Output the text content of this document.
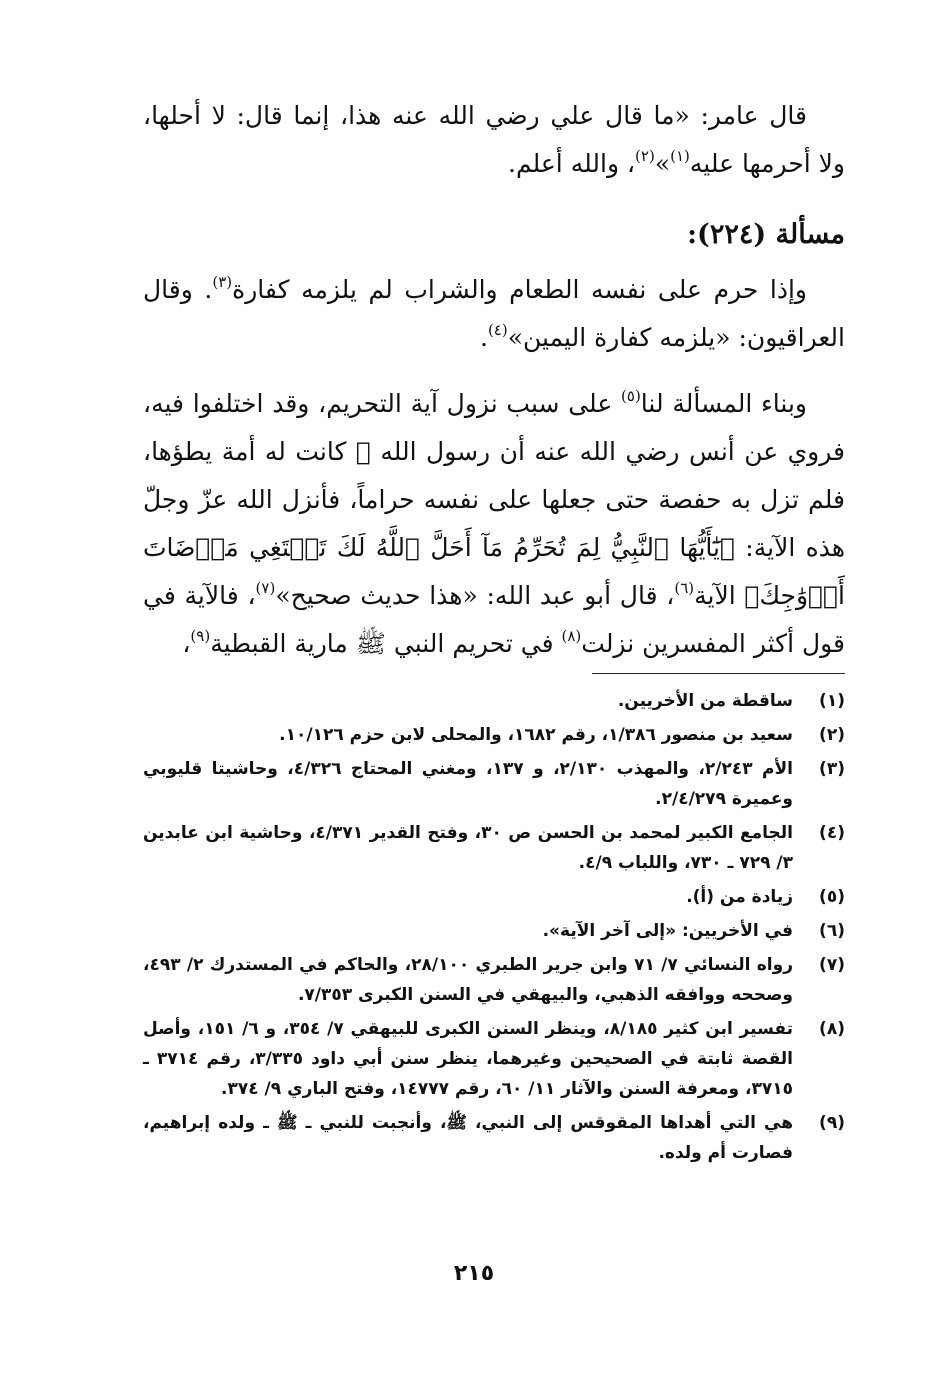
قال عامر: «ما قال علي رضي الله عنه هذا، إنما قال: لا أحلها، ولا أحرمها عليه$^{(١)}$»$^{(٢)}$، والله أعلم.

مسألة (٢٢٤):

وإذا حرم على نفسه الطعام والشراب لم يلزمه كفارة$^{(٣)}$. وقال العراقيون: «يلزمه كفارة اليمين»$^{(٤)}$.

وبناء المسألة لنا$^{(٥)}$ على سبب نزول آية التحريم، وقد اختلفوا فيه، فروي عن أنس رضي الله عنه أن رسول الله ﷺ كانت له أمة يطؤها، فلم تزل به حفصة حتى جعلها على نفسه حراماً، فأنزل الله عزّ وجلّ هذه الآية: ﴿يَٰٓأَيُّهَا ٱلنَّبِيُّ لِمَ تُحَرِّمُ مَآ أَحَلَّ ٱللَّهُ لَكَ تَبۡتَغِي مَرۡضَاتَ أَزۡوَٰجِكَ﴾ الآية$^{(٦)}$، قال أبو عبد الله: «هذا حديث صحيح»$^{(٧)}$، فالآية في قول أكثر المفسرين نزلت$^{(٨)}$ في تحريم النبي ﷺ مارية القبطية$^{(٩)}$،

(١)
ساقطة من الأخريين.
(٢)
سعيد بن منصور ١/٣٨٦، رقم ١٦٨٢، والمحلى لابن حزم ١٠/١٢٦.
(٣)
الأم ٢/٢٤٣، والمهذب ٢/١٣٠، و ١٣٧، ومغني المحتاج ٤/٣٢٦، وحاشيتا قليوبي وعميرة ٢/٤/٢٧٩.
(٤)
الجامع الكبير لمحمد بن الحسن ص ٣٠، وفتح القدير ٤/٣٧١، وحاشية ابن عابدين ٣/ ٧٢٩ ـ ٧٣٠، واللباب ٤/٩.
(٥)
زيادة من (أ).
(٦)
في الأخريين: «إلى آخر الآية».
(٧)
رواه النسائي ٧/ ٧١ وابن جرير الطبري ٢٨/١٠٠، والحاكم في المستدرك ٢/ ٤٩٣، وصححه ووافقه الذهبي، والبيهقي في السنن الكبرى ٧/٣٥٣.
(٨)
تفسير ابن كثير ٨/١٨٥، وينظر السنن الكبرى للبيهقي ٧/ ٣٥٤، و ٦/ ١٥١، وأصل القصة ثابتة في الصحيحين وغيرهما، ينظر سنن أبي داود ٣/٣٣٥، رقم ٣٧١٤ ـ ٣٧١٥، ومعرفة السنن والآثار ١١/ ٦٠، رقم ١٤٧٧٧، وفتح الباري ٩/ ٣٧٤.
(٩)
هي التي أهداها المقوقس إلى النبي، ﷺ، وأنجبت للنبي ـ ﷺ ـ ولده إبراهيم، فصارت أم ولده.
٢١٥
